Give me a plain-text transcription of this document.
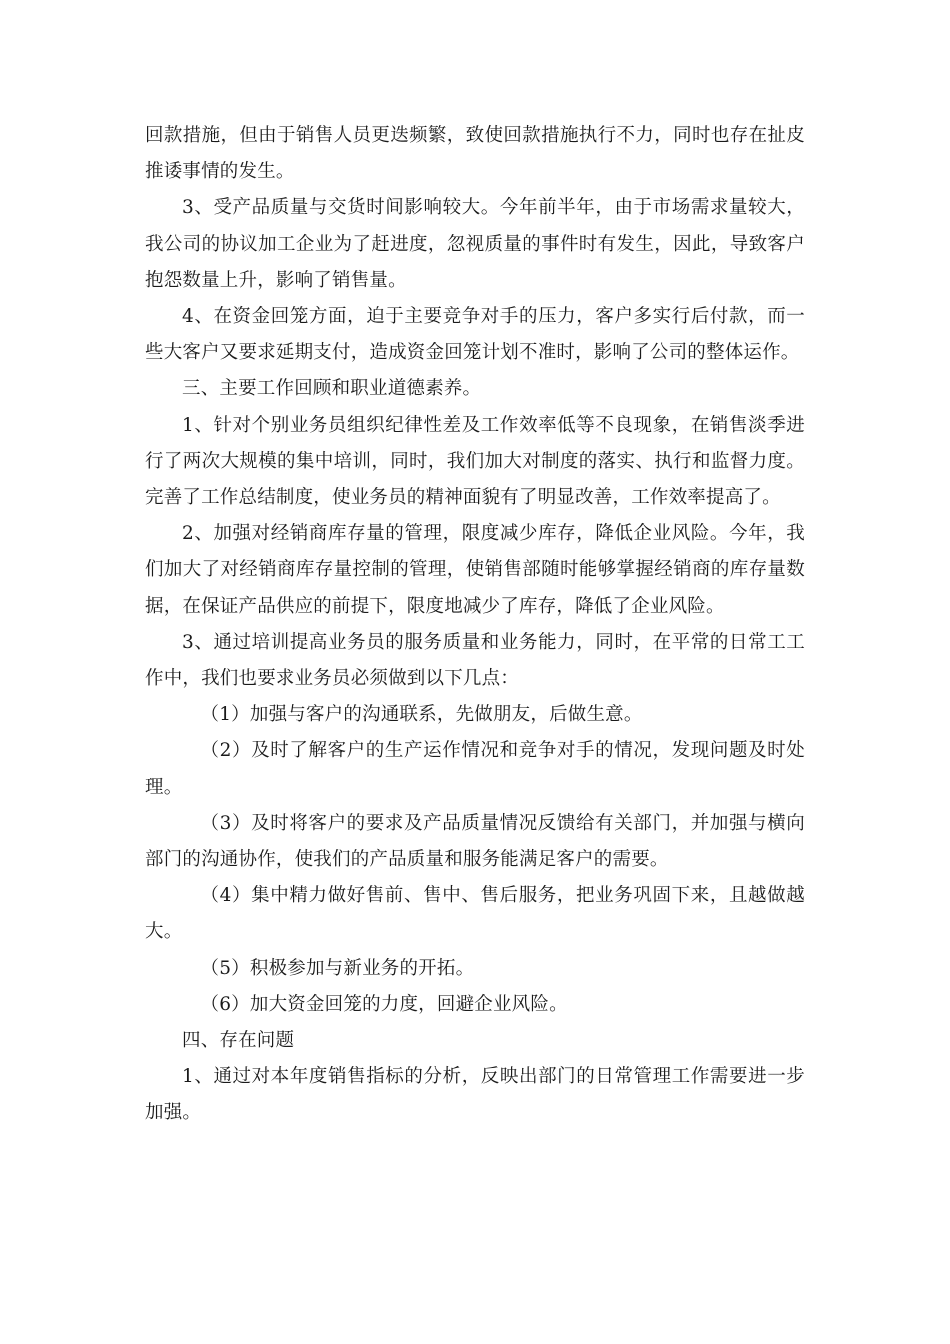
回款措施，但由于销售人员更迭频繁，致使回款措施执行不力，同时也存在扯皮推诿事情的发生。

3、受产品质量与交货时间影响较大。今年前半年，由于市场需求量较大，我公司的协议加工企业为了赶进度，忽视质量的事件时有发生，因此，导致客户抱怨数量上升，影响了销售量。

4、在资金回笼方面，迫于主要竞争对手的压力，客户多实行后付款，而一些大客户又要求延期支付，造成资金回笼计划不准时，影响了公司的整体运作。

三、主要工作回顾和职业道德素养。

1、针对个别业务员组织纪律性差及工作效率低等不良现象，在销售淡季进行了两次大规模的集中培训，同时，我们加大对制度的落实、执行和监督力度。完善了工作总结制度，使业务员的精神面貌有了明显改善，工作效率提高了。

2、加强对经销商库存量的管理，限度减少库存，降低企业风险。今年，我们加大了对经销商库存量控制的管理，使销售部随时能够掌握经销商的库存量数据，在保证产品供应的前提下，限度地减少了库存，降低了企业风险。

3、通过培训提高业务员的服务质量和业务能力，同时，在平常的日常工工作中，我们也要求业务员必须做到以下几点：

（1）加强与客户的沟通联系，先做朋友，后做生意。

（2）及时了解客户的生产运作情况和竞争对手的情况，发现问题及时处理。

（3）及时将客户的要求及产品质量情况反馈给有关部门，并加强与横向部门的沟通协作，使我们的产品质量和服务能满足客户的需要。

（4）集中精力做好售前、售中、售后服务，把业务巩固下来，且越做越大。

（5）积极参加与新业务的开拓。

（6）加大资金回笼的力度，回避企业风险。

四、存在问题

1、通过对本年度销售指标的分析，反映出部门的日常管理工作需要进一步加强。
